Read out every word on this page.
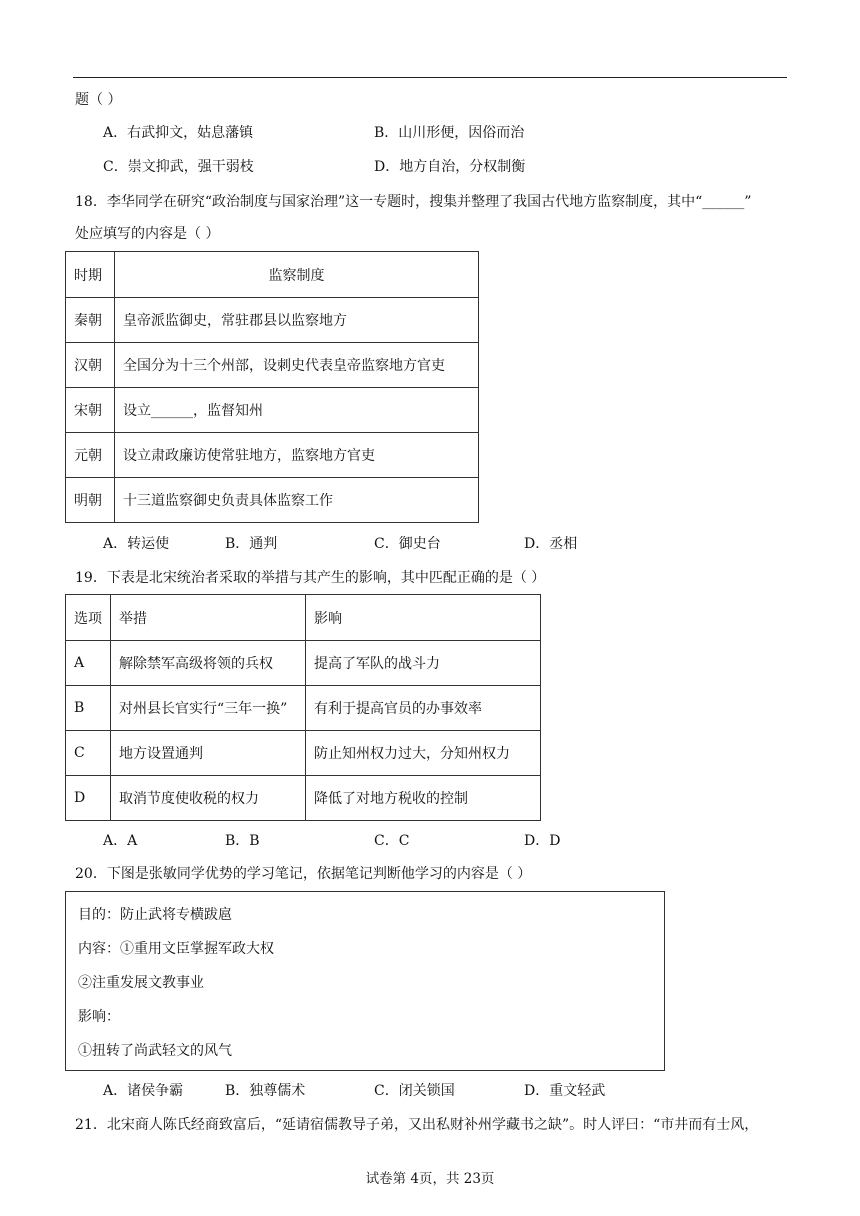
题（ ）
A．右武抑文，姑息藩镇	B．山川形便，因俗而治
C．崇文抑武，强干弱枝	D．地方自治，分权制衡
18．李华同学在研究“政治制度与国家治理”这一专题时，搜集并整理了我国古代地方监察制度，其中“______”
处应填写的内容是（ ）
时期	监察制度
秦朝	皇帝派监御史，常驻郡县以监察地方
汉朝	全国分为十三个州部，设刺史代表皇帝监察地方官吏
宋朝	设立______，监督知州
元朝	设立肃政廉访使常驻地方，监察地方官吏
明朝	十三道监察御史负责具体监察工作
A．转运使	B．通判	C．御史台	D．丞相
19．下表是北宋统治者采取的举措与其产生的影响，其中匹配正确的是（ ）
选项	举措	影响
A	解除禁军高级将领的兵权	提高了军队的战斗力
B	对州县长官实行“三年一换”	有利于提高官员的办事效率
C	地方设置通判	防止知州权力过大，分知州权力
D	取消节度使收税的权力	降低了对地方税收的控制
A．A	B．B	C．C	D．D
20．下图是张敏同学优势的学习笔记，依据笔记判断他学习的内容是（ ）
目的：防止武将专横跋扈
内容：①重用文臣掌握军政大权
②注重发展文教事业
影响：
①扭转了尚武轻文的风气
A．诸侯争霸	B．独尊儒术	C．闭关锁国	D．重文轻武
21．北宋商人陈氏经商致富后，“延请宿儒教导子弟，又出私财补州学藏书之缺”。时人评曰：“市井而有士风，
试卷第 4页，共 23页
